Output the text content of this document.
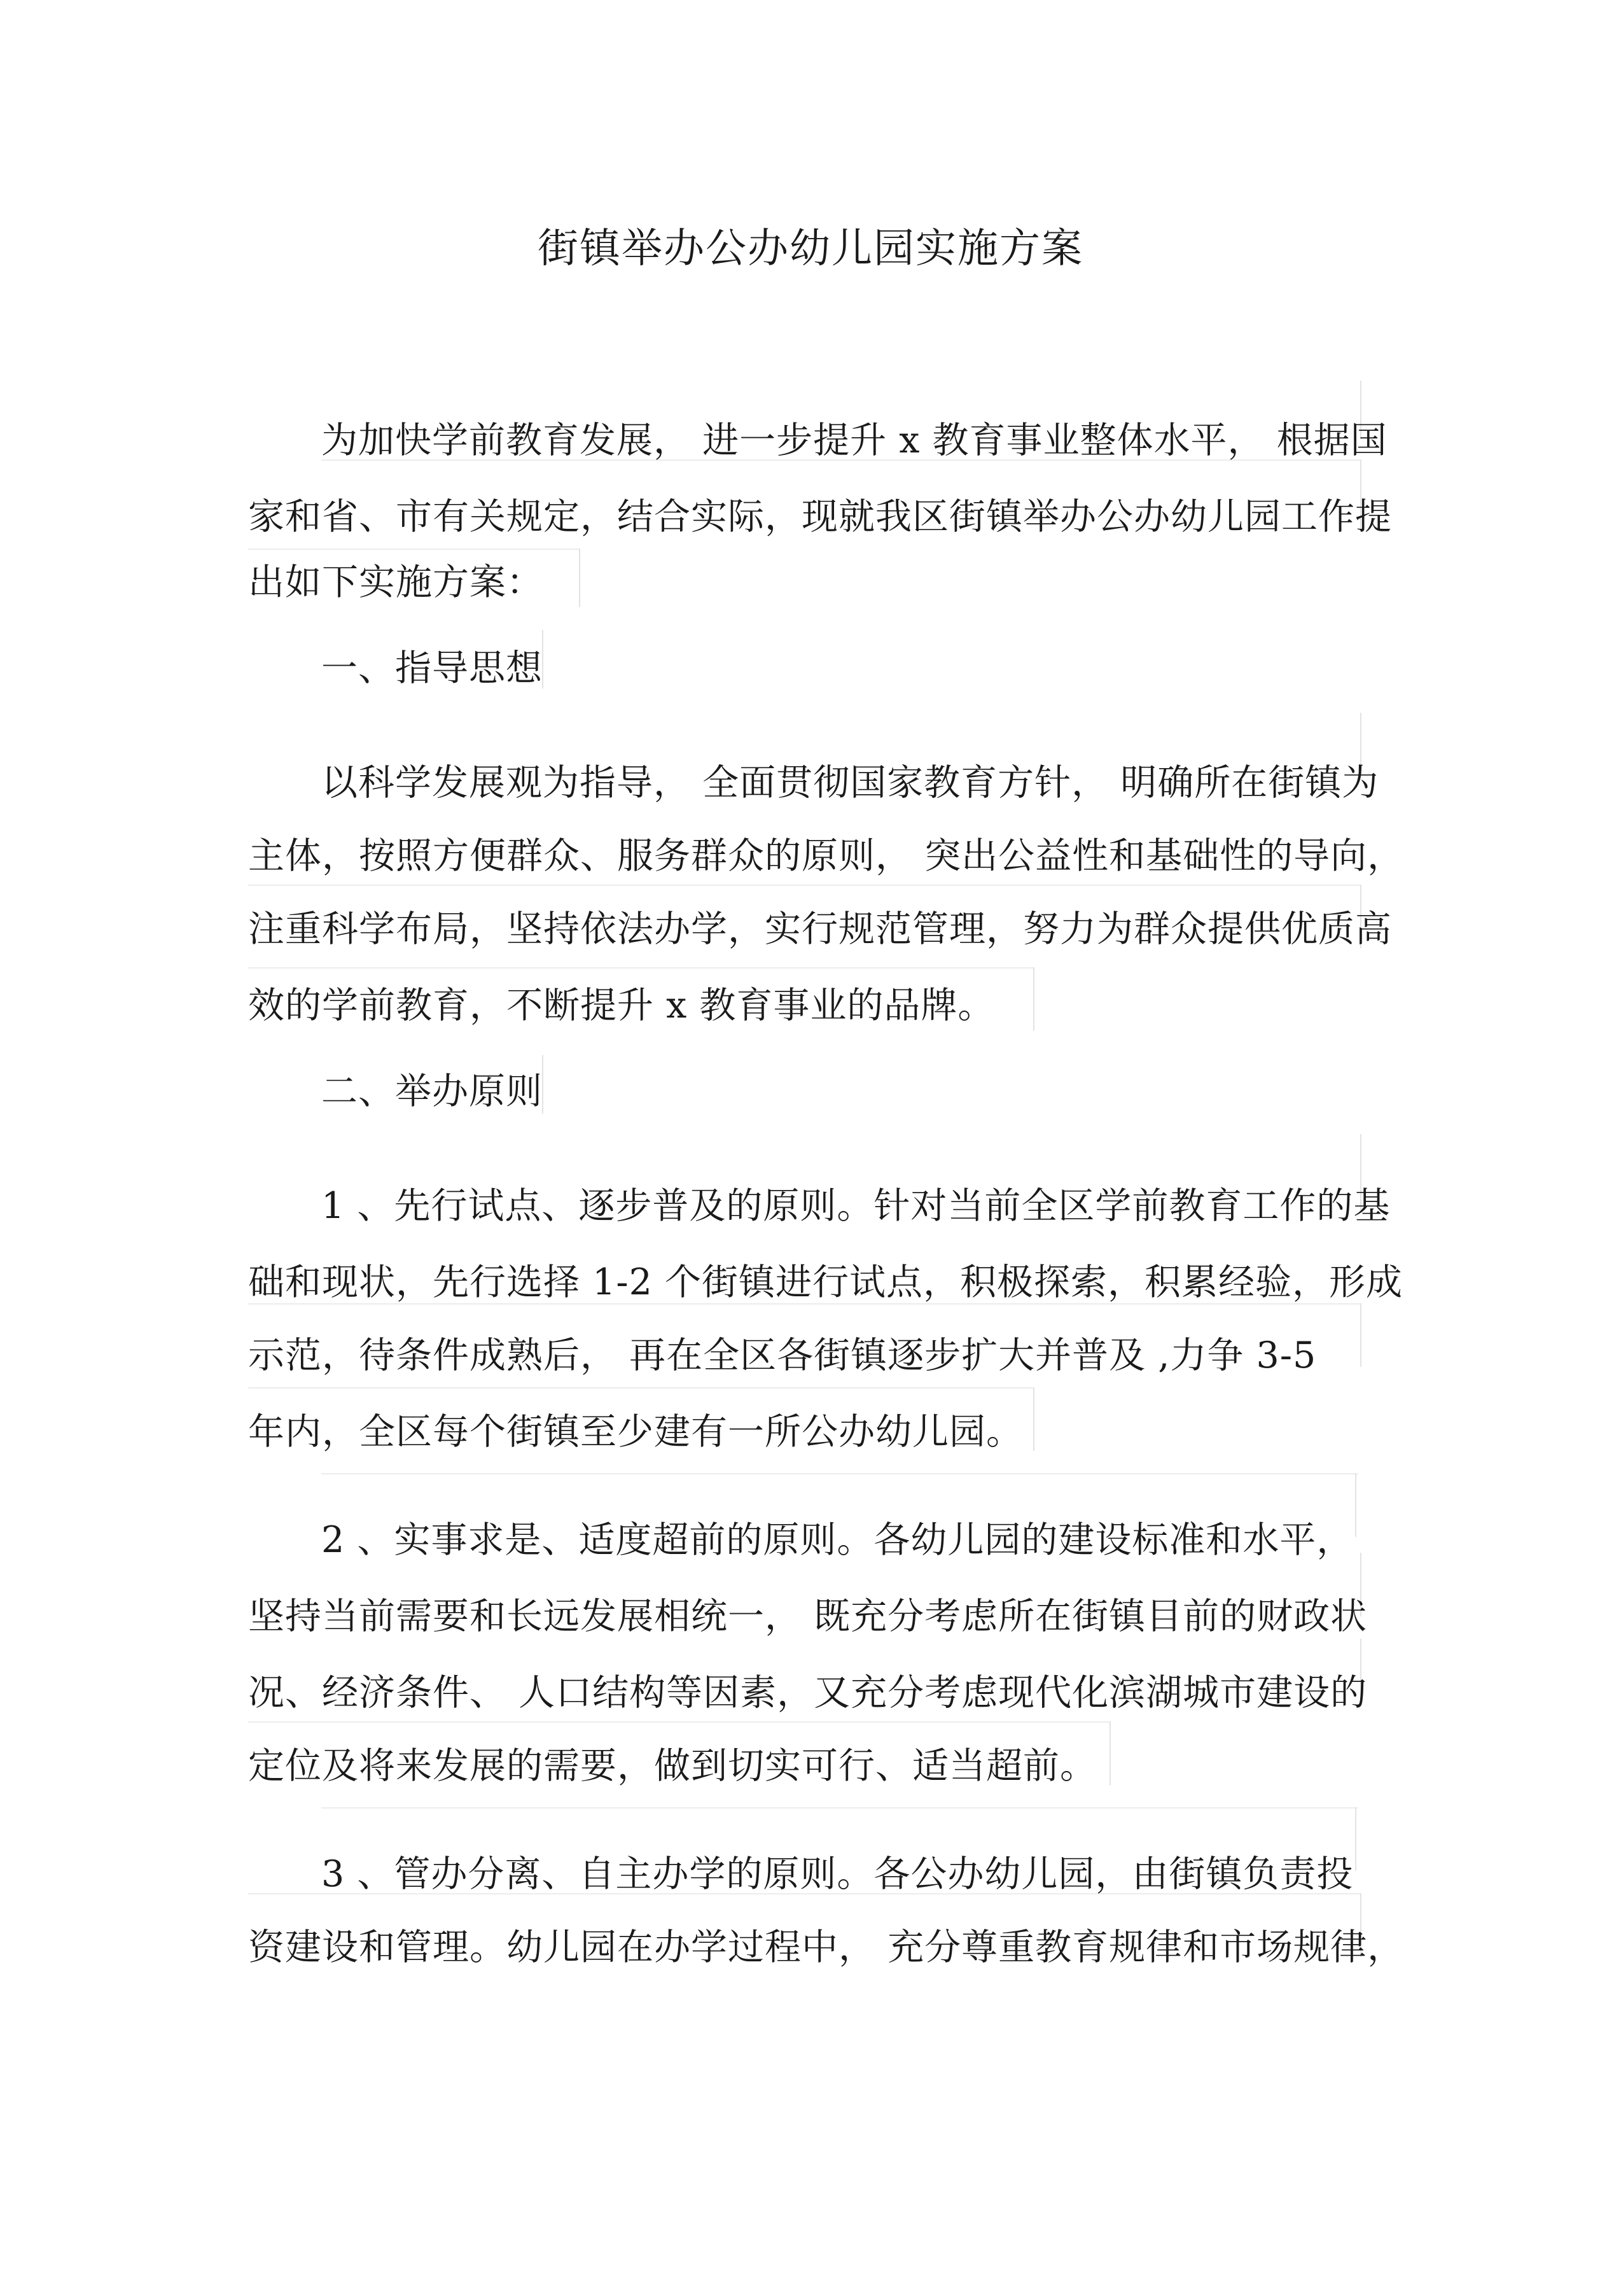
街镇举办公办幼儿园实施方案
为加快学前教育发展， 进一步提升 x 教育事业整体水平， 根据国
家和省、市有关规定，结合实际，现就我区街镇举办公办幼儿园工作提
出如下实施方案：
一、指导思想
以科学发展观为指导， 全面贯彻国家教育方针， 明确所在街镇为
主体，按照方便群众、服务群众的原则， 突出公益性和基础性的导向，
注重科学布局，坚持依法办学，实行规范管理，努力为群众提供优质高
效的学前教育，不断提升 x 教育事业的品牌。
二、举办原则
1 、先行试点、逐步普及的原则。针对当前全区学前教育工作的基
础和现状，先行选择 1-2 个街镇进行试点，积极探索，积累经验，形成
示范，待条件成熟后， 再在全区各街镇逐步扩大并普及 ,力争 3-5
年内，全区每个街镇至少建有一所公办幼儿园。
2 、实事求是、适度超前的原则。各幼儿园的建设标准和水平，
坚持当前需要和长远发展相统一， 既充分考虑所在街镇目前的财政状
况、经济条件、 人口结构等因素，又充分考虑现代化滨湖城市建设的
定位及将来发展的需要，做到切实可行、适当超前。
3 、管办分离、自主办学的原则。各公办幼儿园，由街镇负责投
资建设和管理。幼儿园在办学过程中， 充分尊重教育规律和市场规律，
